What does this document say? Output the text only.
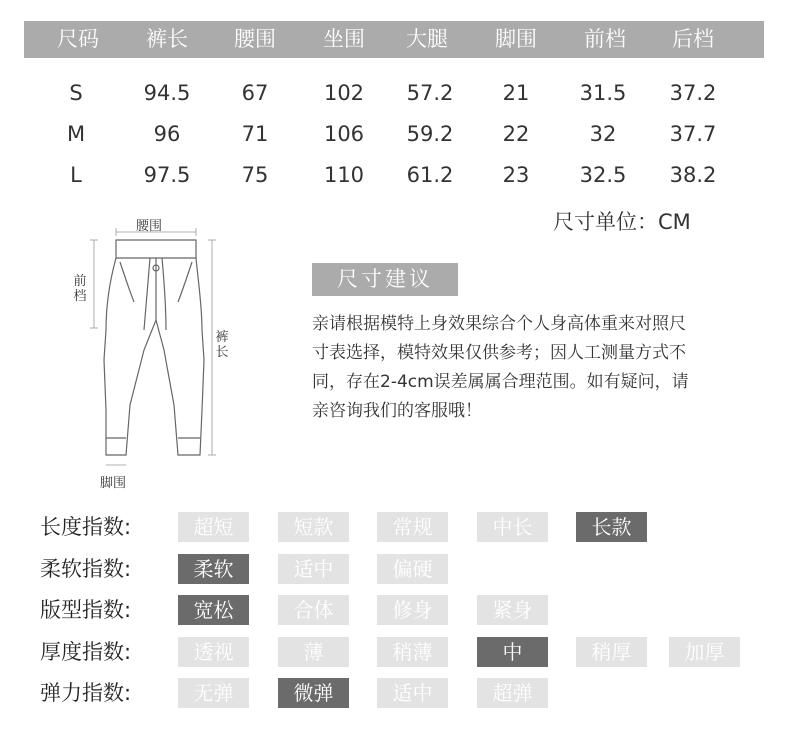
尺码	裤长	腰围	坐围	大腿	脚围	前档	后档
S	94.5	67	102	57.2	21	31.5	37.2
M	96	71	106	59.2	22	32	37.7
L	97.5	75	110	61.2	23	32.5	38.2
尺寸单位：CM
腰围
前档
裤长
脚围
尺寸建议
亲请根据模特上身效果综合个人身高体重来对照尺
寸表选择，模特效果仅供参考；因人工测量方式不
同，存在2-4cm误差属属合理范围。如有疑问，请
亲咨询我们的客服哦！
长度指数:	超短	短款	常规	中长	长款
柔软指数:	柔软	适中	偏硬
版型指数:	宽松	合体	修身	紧身
厚度指数:	透视	薄	稍薄	中	稍厚	加厚
弹力指数:	无弹	微弹	适中	超弹
